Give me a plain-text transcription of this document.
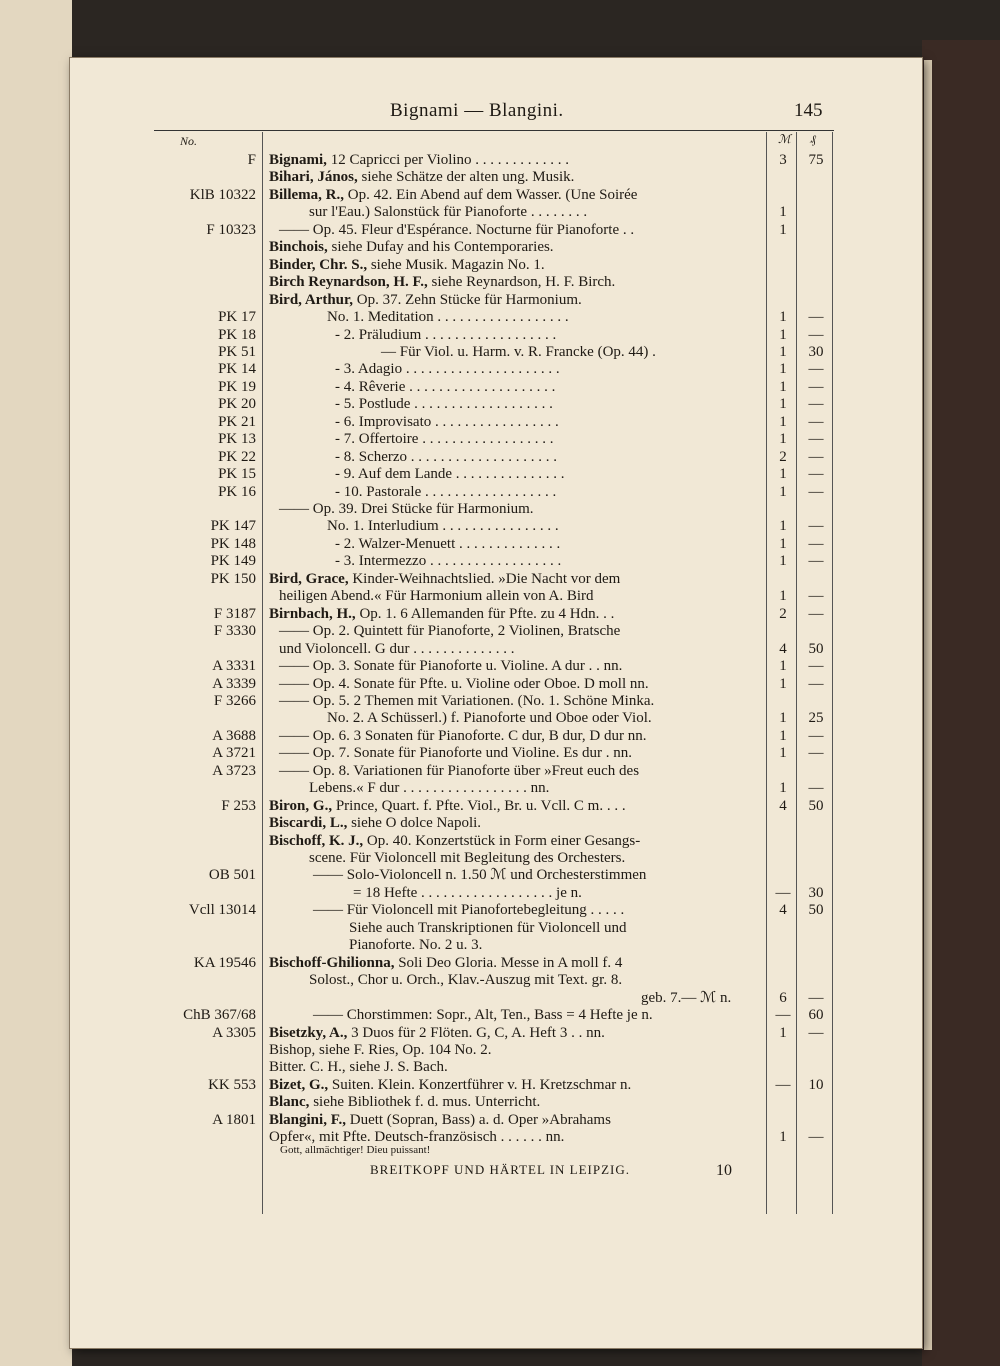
Bignami — Blangini.	145
No.	ℳ ₰
F Bignami, 12 Capricci per Violino . . . . . . . . . . . . .	3	75
Bihari, János, siehe Schätze der alten ung. Musik.
KlB 10322 Billema, R., Op. 42. Ein Abend auf dem Wasser. (Une Soirée
sur l'Eau.) Salonstück für Pianoforte . . . . . . . .	1
F 10323 —— Op. 45. Fleur d'Espérance. Nocturne für Pianoforte . .	1
Binchois, siehe Dufay and his Contemporaries.
Binder, Chr. S., siehe Musik. Magazin No. 1.
Birch Reynardson, H. F., siehe Reynardson, H. F. Birch.
Bird, Arthur, Op. 37. Zehn Stücke für Harmonium.
PK 17	No. 1. Meditation . . . . . . . . . . . . . . . . . .	1	—
PK 18	- 2. Präludium . . . . . . . . . . . . . . . . . .	1	—
PK 51	— Für Viol. u. Harm. v. R. Francke (Op. 44) .	1	30
PK 14	- 3. Adagio . . . . . . . . . . . . . . . . . . . . .	1	—
PK 19	- 4. Rêverie . . . . . . . . . . . . . . . . . . . .	1	—
PK 20	- 5. Postlude . . . . . . . . . . . . . . . . . . .	1	—
PK 21	- 6. Improvisato . . . . . . . . . . . . . . . . .	1	—
PK 13	- 7. Offertoire . . . . . . . . . . . . . . . . . .	1	—
PK 22	- 8. Scherzo . . . . . . . . . . . . . . . . . . . .	2	—
PK 15	- 9. Auf dem Lande . . . . . . . . . . . . . . .	1	—
PK 16	- 10. Pastorale . . . . . . . . . . . . . . . . . .	1	—
—— Op. 39. Drei Stücke für Harmonium.
PK 147	No. 1. Interludium . . . . . . . . . . . . . . . .	1	—
PK 148	- 2. Walzer-Menuett . . . . . . . . . . . . . .	1	—
PK 149	- 3. Intermezzo . . . . . . . . . . . . . . . . . .	1	—
PK 150 Bird, Grace, Kinder-Weihnachtslied. »Die Nacht vor dem
heiligen Abend.« Für Harmonium allein von A. Bird	1	—
F 3187 Birnbach, H., Op. 1. 6 Allemanden für Pfte. zu 4 Hdn. . .	2	—
F 3330 —— Op. 2. Quintett für Pianoforte, 2 Violinen, Bratsche
und Violoncell. G dur . . . . . . . . . . . . . .	4	50
A 3331 —— Op. 3. Sonate für Pianoforte u. Violine. A dur . . nn.	1	—
A 3339 —— Op. 4. Sonate für Pfte. u. Violine oder Oboe. D moll nn.	1	—
F 3266 —— Op. 5. 2 Themen mit Variationen. (No. 1. Schöne Minka.
No. 2. A Schüsserl.) f. Pianoforte und Oboe oder Viol.	1	25
A 3688 —— Op. 6. 3 Sonaten für Pianoforte. C dur, B dur, D dur nn.	1	—
A 3721 —— Op. 7. Sonate für Pianoforte und Violine. Es dur . nn.	1	—
A 3723 —— Op. 8. Variationen für Pianoforte über »Freut euch des
Lebens.« F dur . . . . . . . . . . . . . . . . . nn.	1	—
F 253 Biron, G., Prince, Quart. f. Pfte. Viol., Br. u. Vcll. C m. . . .	4	50
Biscardi, L., siehe O dolce Napoli.
Bischoff, K. J., Op. 40. Konzertstück in Form einer Gesangs-
scene. Für Violoncell mit Begleitung des Orchesters.
OB 501	—— Solo-Violoncell n. 1.50 ℳ und Orchesterstimmen
= 18 Hefte . . . . . . . . . . . . . . . . . . je n.	—	30
Vcll 13014	—— Für Violoncell mit Pianofortebegleitung . . . . .	4	50
Siehe auch Transkriptionen für Violoncell und
Pianoforte. No. 2 u. 3.
KA 19546 Bischoff-Ghilionna, Soli Deo Gloria. Messe in A moll f. 4
Solost., Chor u. Orch., Klav.-Auszug mit Text. gr. 8.
geb. 7.— ℳ n.	6	—
ChB 367/68	—— Chorstimmen: Sopr., Alt, Ten., Bass = 4 Hefte je n.	—	60
A 3305 Bisetzky, A., 3 Duos für 2 Flöten. G, C, A. Heft 3 . . nn.	1	—
Bishop, siehe F. Ries, Op. 104 No. 2.
Bitter. C. H., siehe J. S. Bach.
KK 553 Bizet, G., Suiten. Klein. Konzertführer v. H. Kretzschmar n.	—	10
Blanc, siehe Bibliothek f. d. mus. Unterricht.
A 1801 Blangini, F., Duett (Sopran, Bass) a. d. Oper »Abrahams
Opfer«, mit Pfte. Deutsch-französisch . . . . . . nn.	1	—
Gott, allmächtiger! Dieu puissant!
BREITKOPF UND HÄRTEL IN LEIPZIG.	10
